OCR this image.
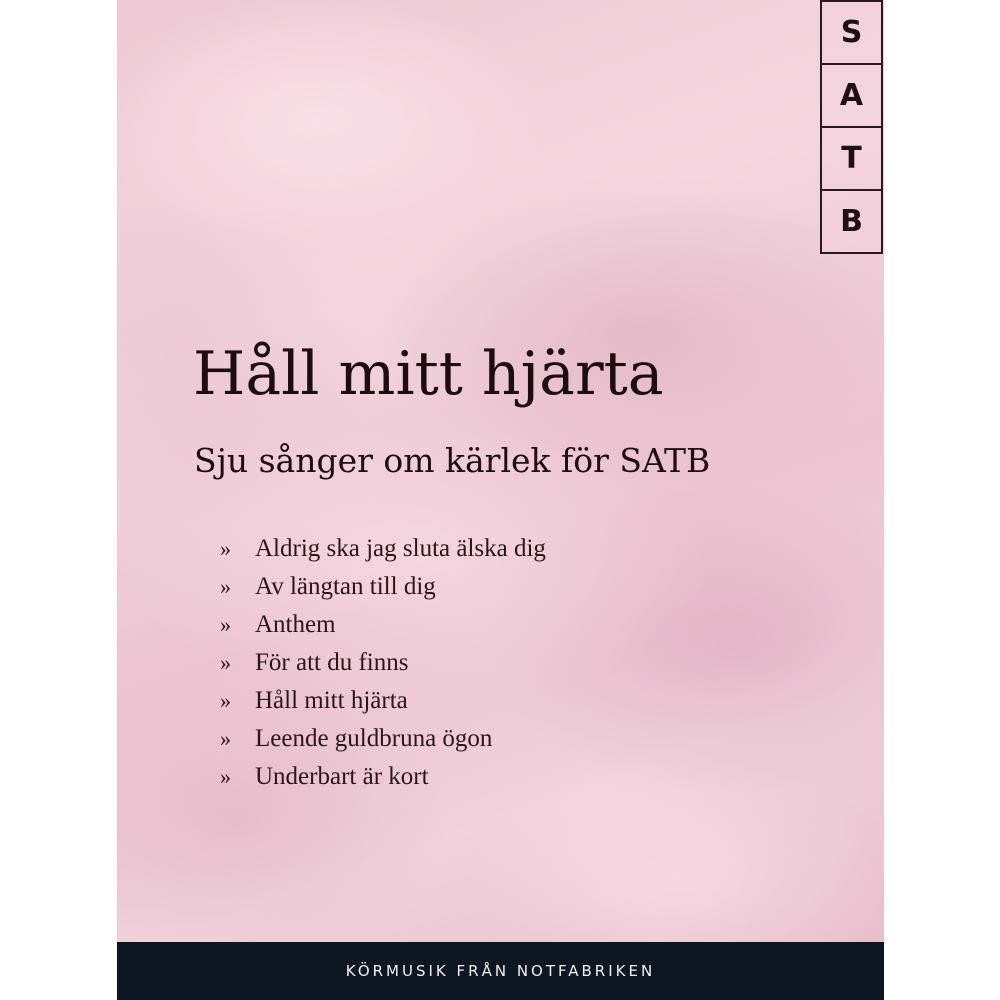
S
A
T
B
Håll mitt hjärta
Sju sånger om kärlek för SATB
» Aldrig ska jag sluta älska dig
» Av längtan till dig
» Anthem
» För att du finns
» Håll mitt hjärta
» Leende guldbruna ögon
» Underbart är kort
KÖRMUSIK FRÅN NOTFABRIKEN
